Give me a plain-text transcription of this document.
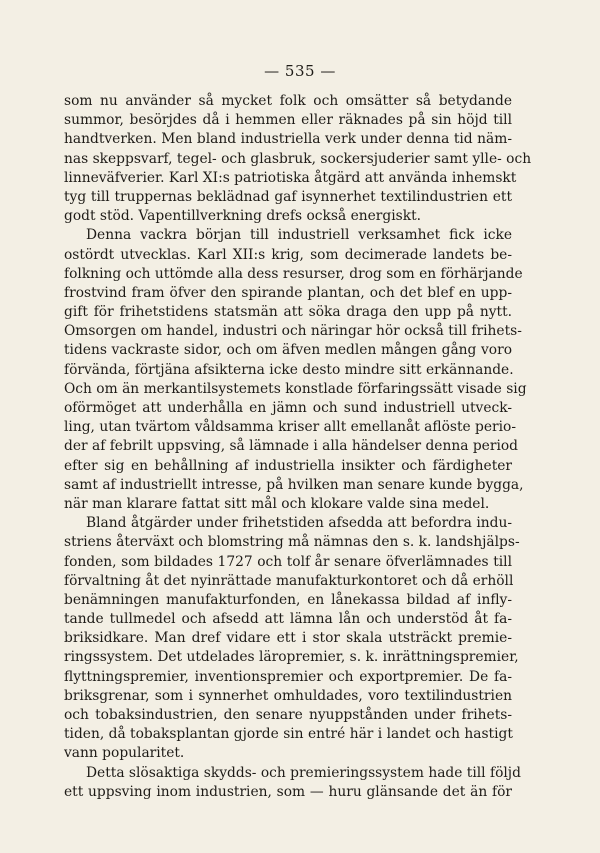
— 535 —
som nu använder så mycket folk och omsätter så betydande
summor, besörjdes då i hemmen eller räknades på sin höjd till
handtverken. Men bland industriella verk under denna tid näm-
nas skeppsvarf, tegel- och glasbruk, sockersjuderier samt ylle- och
linneväfverier. Karl XI:s patriotiska åtgärd att använda inhemskt
tyg till truppernas beklädnad gaf isynnerhet textilindustrien ett
godt stöd. Vapentillverkning drefs också energiskt.
Denna vackra början till industriell verksamhet fick icke
ostördt utvecklas. Karl XII:s krig, som decimerade landets be-
folkning och uttömde alla dess resurser, drog som en förhärjande
frostvind fram öfver den spirande plantan, och det blef en upp-
gift för frihetstidens statsmän att söka draga den upp på nytt.
Omsorgen om handel, industri och näringar hör också till frihets-
tidens vackraste sidor, och om äfven medlen mången gång voro
förvända, förtjäna afsikterna icke desto mindre sitt erkännande.
Och om än merkantilsystemets konstlade förfaringssätt visade sig
oförmöget att underhålla en jämn och sund industriell utveck-
ling, utan tvärtom våldsamma kriser allt emellanåt aflöste perio-
der af febrilt uppsving, så lämnade i alla händelser denna period
efter sig en behållning af industriella insikter och färdigheter
samt af industriellt intresse, på hvilken man senare kunde bygga,
när man klarare fattat sitt mål och klokare valde sina medel.
Bland åtgärder under frihetstiden afsedda att befordra indu-
striens återväxt och blomstring må nämnas den s. k. landshjälps-
fonden, som bildades 1727 och tolf år senare öfverlämnades till
förvaltning åt det nyinrättade manufakturkontoret och då erhöll
benämningen manufakturfonden, en lånekassa bildad af infly-
tande tullmedel och afsedd att lämna lån och understöd åt fa-
briksidkare. Man dref vidare ett i stor skala utsträckt premie-
ringssystem. Det utdelades läropremier, s. k. inrättningspremier,
flyttningspremier, inventionspremier och exportpremier. De fa-
briksgrenar, som i synnerhet omhuldades, voro textilindustrien
och tobaksindustrien, den senare nyuppstånden under frihets-
tiden, då tobaksplantan gjorde sin entré här i landet och hastigt
vann popularitet.
Detta slösaktiga skydds- och premieringssystem hade till följd
ett uppsving inom industrien, som — huru glänsande det än för
